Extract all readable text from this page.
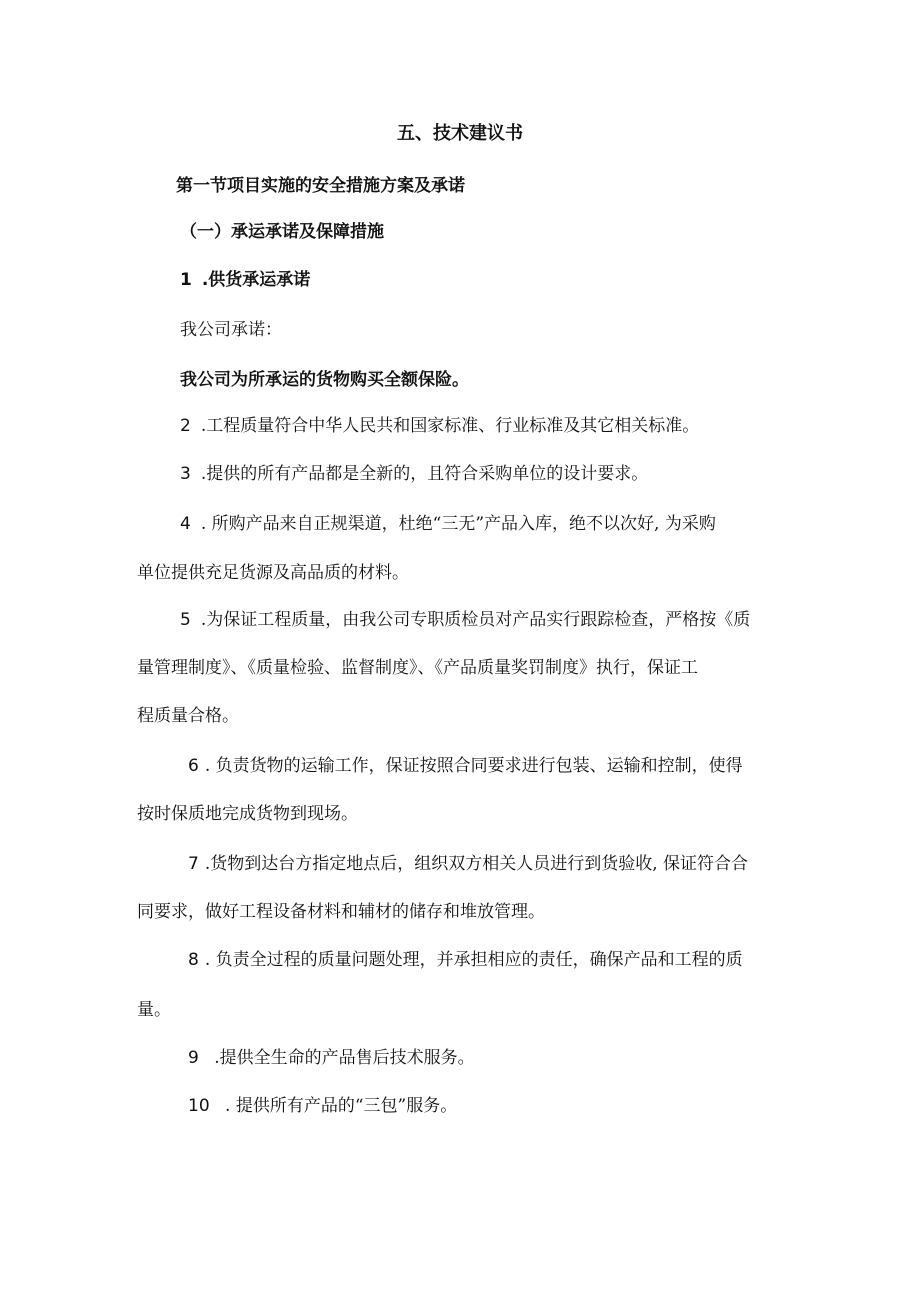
五、技术建议书
第一节项目实施的安全措施方案及承诺
（一）承运承诺及保障措施
1 .供货承运承诺
我公司承诺：
我公司为所承运的货物购买全额保险。
2 .工程质量符合中华人民共和国家标准、行业标准及其它相关标准。
3 .提供的所有产品都是全新的，且符合采购单位的设计要求。
4 . 所购产品来自正规渠道，杜绝“三无”产品入库，绝不以次好, 为采购
单位提供充足货源及高品质的材料。
5 .为保证工程质量，由我公司专职质检员对产品实行跟踪检查，严格按《质
量管理制度》、《质量检验、监督制度》、《产品质量奖罚制度》执行，保证工
程质量合格。
6 . 负责货物的运输工作，保证按照合同要求进行包装、运输和控制，使得
按时保质地完成货物到现场。
7 .货物到达台方指定地点后，组织双方相关人员进行到货验收, 保证符合合
同要求，做好工程设备材料和辅材的储存和堆放管理。
8 . 负责全过程的质量问题处理，并承担相应的责任，确保产品和工程的质
量。
9 .提供全生命的产品售后技术服务。
10 . 提供所有产品的“三包”服务。
